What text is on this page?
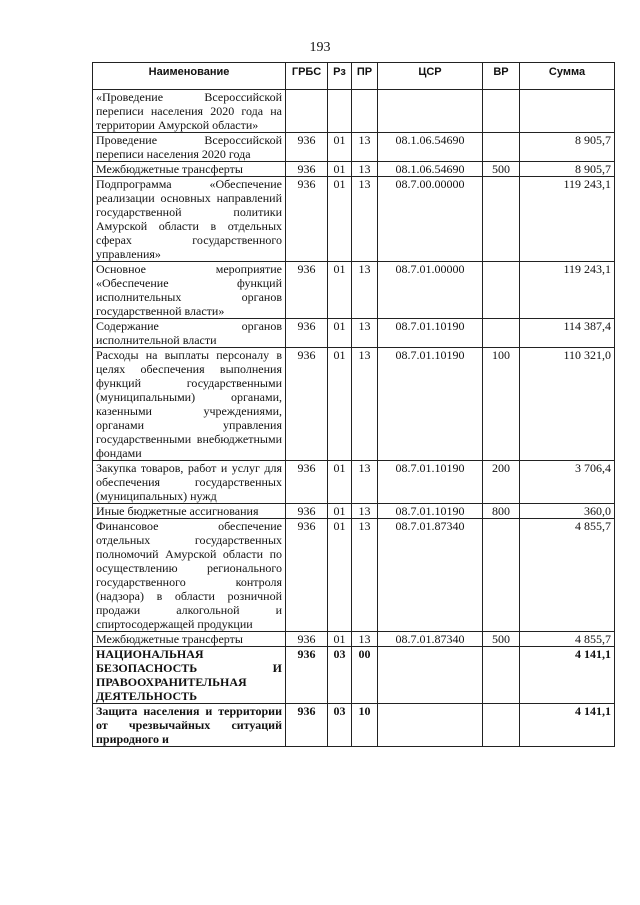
193
Наименование	ГРБС	Рз	ПР	ЦСР	ВР	Сумма
«Проведение Всероссийской переписи населения 2020 года на территории Амурской области»						
Проведение Всероссийской переписи населения 2020 года	936	01	13	08.1.06.54690		8 905,7
Межбюджетные трансферты	936	01	13	08.1.06.54690	500	8 905,7
Подпрограмма «Обеспечение реализации основных направлений государственной политики Амурской области в отдельных сферах государственного управления»	936	01	13	08.7.00.00000		119 243,1
Основное мероприятие «Обеспечение функций исполнительных органов государственной власти»	936	01	13	08.7.01.00000		119 243,1
Содержание органов исполнительной власти	936	01	13	08.7.01.10190		114 387,4
Расходы на выплаты персоналу в целях обеспечения выполнения функций государственными (муниципальными) органами, казенными учреждениями, органами управления государственными внебюджетными фондами	936	01	13	08.7.01.10190	100	110 321,0
Закупка товаров, работ и услуг для обеспечения государственных (муниципальных) нужд	936	01	13	08.7.01.10190	200	3 706,4
Иные бюджетные ассигнования	936	01	13	08.7.01.10190	800	360,0
Финансовое обеспечение отдельных государственных полномочий Амурской области по осуществлению регионального государственного контроля (надзора) в области розничной продажи алкогольной и спиртосодержащей продукции	936	01	13	08.7.01.87340		4 855,7
Межбюджетные трансферты	936	01	13	08.7.01.87340	500	4 855,7
НАЦИОНАЛЬНАЯ БЕЗОПАСНОСТЬ И ПРАВООХРАНИТЕЛЬНАЯ ДЕЯТЕЛЬНОСТЬ	936	03	00			4 141,1
Защита населения и территории от чрезвычайных ситуаций природного и	936	03	10			4 141,1
